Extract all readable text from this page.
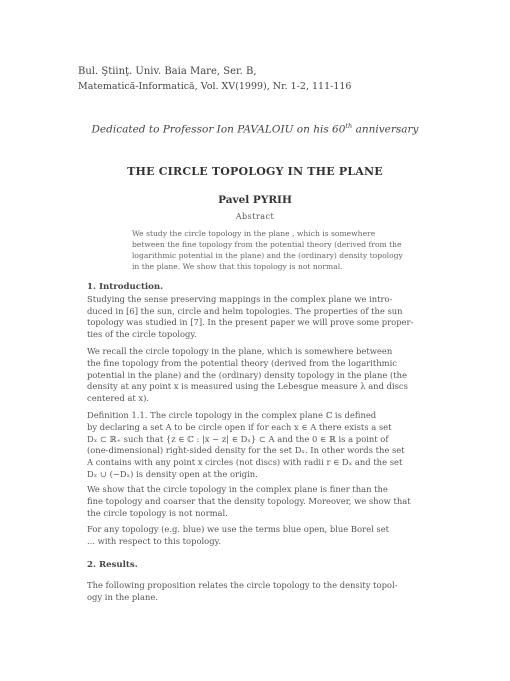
Bul. Ştiinţ. Univ. Baia Mare, Ser. B,
Matematică-Informatică, Vol. XV(1999), Nr. 1-2, 111-116
Dedicated to Professor Ion PAVALOIU on his 60th anniversary
THE CIRCLE TOPOLOGY IN THE PLANE
Pavel PYRIH
Abstract
We study the circle topology in the plane , which is somewhere
between the fine topology from the potential theory (derived from the
logarithmic potential in the plane) and the (ordinary) density topology
in the plane. We show that this topology is not normal.
1. Introduction.
Studying the sense preserving mappings in the complex plane we intro-
duced in [6] the sun, circle and helm topologies. The properties of the sun
topology was studied in [7]. In the present paper we will prove some proper-
ties of the circle topology.
We recall the circle topology in the plane, which is somewhere between
the fine topology from the potential theory (derived from the logarithmic
potential in the plane) and the (ordinary) density topology in the plane (the
density at any point x is measured using the Lebesgue measure λ and discs
centered at x).
Definition 1.1. The circle topology in the complex plane ℂ is defined
by declaring a set A to be circle open if for each x ∈ A there exists a set
Dₓ ⊂ ℝ₊ such that {z ∈ ℂ : |x − z| ∈ Dₓ} ⊂ A and the 0 ∈ ℝ is a point of
(one-dimensional) right-sided density for the set Dₓ. In other words the set
A contains with any point x circles (not discs) with radii r ∈ Dₓ and the set
Dₓ ∪ (−Dₓ) is density open at the origin.
We show that the circle topology in the complex plane is finer than the
fine topology and coarser that the density topology. Moreover, we show that
the circle topology is not normal.
For any topology (e.g. blue) we use the terms blue open, blue Borel set
... with respect to this topology.
2. Results.
The following proposition relates the circle topology to the density topol-
ogy in the plane.
